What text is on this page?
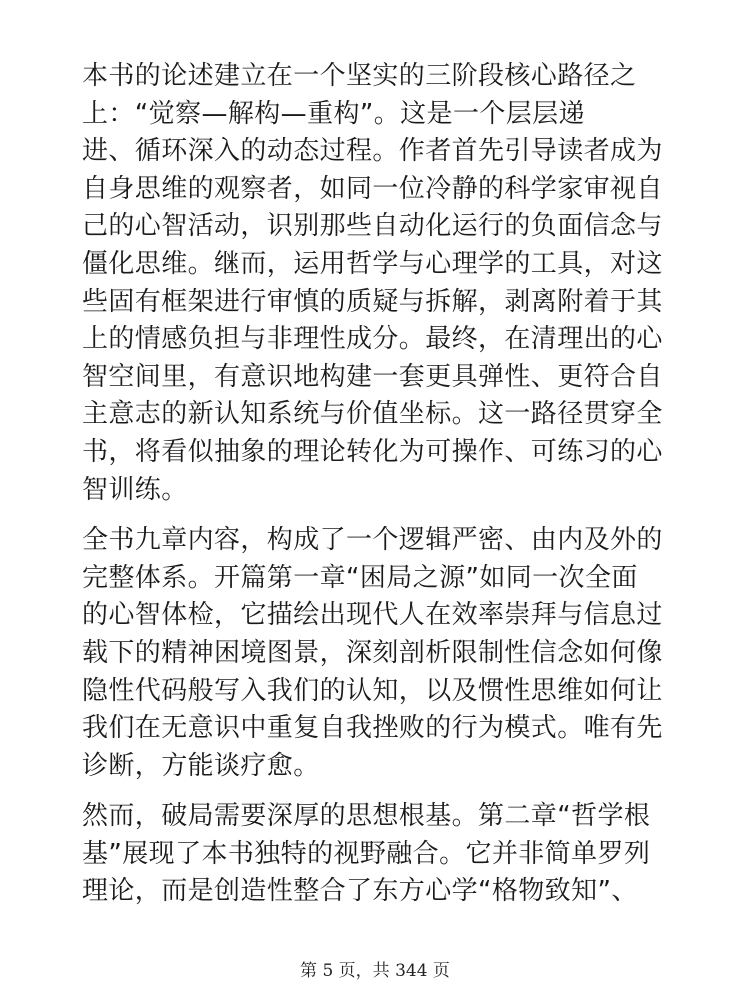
本书的论述建立在一个坚实的三阶段核心路径之
上：“觉察—解构—重构”。这是一个层层递
进、循环深入的动态过程。作者首先引导读者成为
自身思维的观察者，如同一位冷静的科学家审视自
己的心智活动，识别那些自动化运行的负面信念与
僵化思维。继而，运用哲学与心理学的工具，对这
些固有框架进行审慎的质疑与拆解，剥离附着于其
上的情感负担与非理性成分。最终，在清理出的心
智空间里，有意识地构建一套更具弹性、更符合自
主意志的新认知系统与价值坐标。这一路径贯穿全
书，将看似抽象的理论转化为可操作、可练习的心
智训练。
全书九章内容，构成了一个逻辑严密、由内及外的
完整体系。开篇第一章“困局之源”如同一次全面
的心智体检，它描绘出现代人在效率崇拜与信息过
载下的精神困境图景，深刻剖析限制性信念如何像
隐性代码般写入我们的认知，以及惯性思维如何让
我们在无意识中重复自我挫败的行为模式。唯有先
诊断，方能谈疗愈。
然而，破局需要深厚的思想根基。第二章“哲学根
基”展现了本书独特的视野融合。它并非简单罗列
理论，而是创造性整合了东方心学“格物致知”、
第 5 页，共 344 页
